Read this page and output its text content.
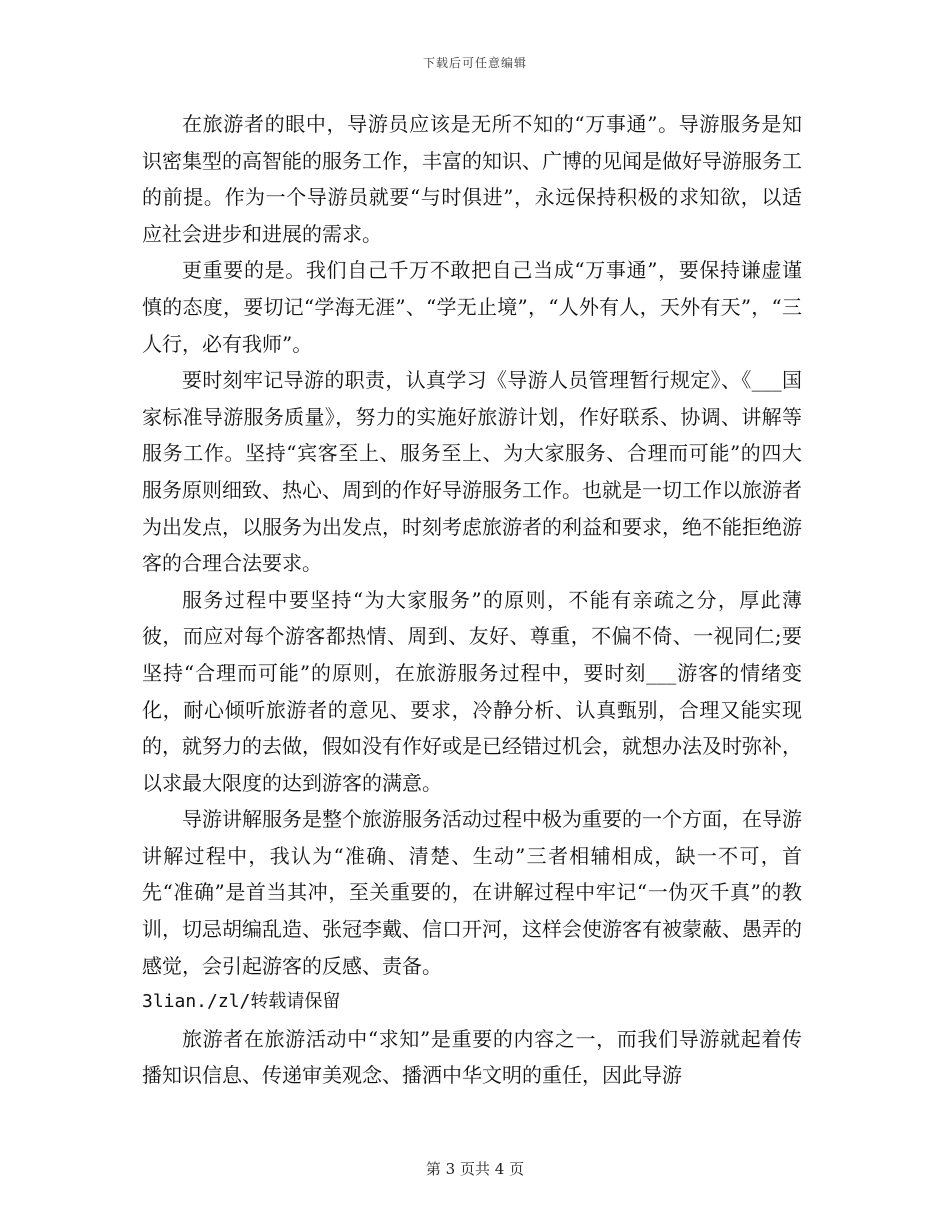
下载后可任意编辑

在旅游者的眼中，导游员应该是无所不知的“万事通”。导游服务是知识密集型的高智能的服务工作，丰富的知识、广博的见闻是做好导游服务工的前提。作为一个导游员就要“与时俱进”，永远保持积极的求知欲，以适应社会进步和进展的需求。

更重要的是。我们自己千万不敢把自己当成“万事通”，要保持谦虚谨慎的态度，要切记“学海无涯”、“学无止境”，“人外有人，天外有天”，“三人行，必有我师”。

要时刻牢记导游的职责，认真学习《导游人员管理暂行规定》、《___国家标准导游服务质量》，努力的实施好旅游计划，作好联系、协调、讲解等服务工作。坚持“宾客至上、服务至上、为大家服务、合理而可能”的四大服务原则细致、热心、周到的作好导游服务工作。也就是一切工作以旅游者为出发点，以服务为出发点，时刻考虑旅游者的利益和要求，绝不能拒绝游客的合理合法要求。

服务过程中要坚持“为大家服务”的原则，不能有亲疏之分，厚此薄彼，而应对每个游客都热情、周到、友好、尊重，不偏不倚、一视同仁;要坚持“合理而可能”的原则，在旅游服务过程中，要时刻___游客的情绪变化，耐心倾听旅游者的意见、要求，冷静分析、认真甄别，合理又能实现的，就努力的去做，假如没有作好或是已经错过机会，就想办法及时弥补，以求最大限度的达到游客的满意。

导游讲解服务是整个旅游服务活动过程中极为重要的一个方面，在导游讲解过程中，我认为“准确、清楚、生动”三者相辅相成，缺一不可，首先“准确”是首当其冲，至关重要的，在讲解过程中牢记“一伪灭千真”的教训，切忌胡编乱造、张冠李戴、信口开河，这样会使游客有被蒙蔽、愚弄的感觉，会引起游客的反感、责备。

3lian./zl/转载请保留

旅游者在旅游活动中“求知”是重要的内容之一，而我们导游就起着传播知识信息、传递审美观念、播洒中华文明的重任，因此导游

第 3 页共 4 页
